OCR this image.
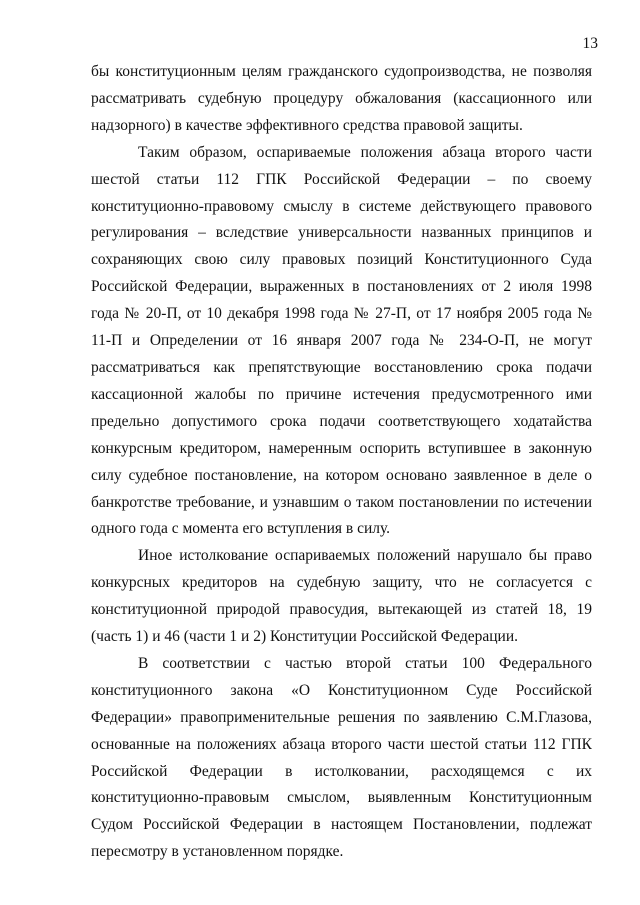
13

бы конституционным целям гражданского судопроизводства, не позволяя рассматривать судебную процедуру обжалования (кассационного или надзорного) в качестве эффективного средства правовой защиты.

Таким образом, оспариваемые положения абзаца второго части шестой статьи 112 ГПК Российской Федерации – по своему конституционно-правовому смыслу в системе действующего правового регулирования – вследствие универсальности названных принципов и сохраняющих свою силу правовых позиций Конституционного Суда Российской Федерации, выраженных в постановлениях от 2 июля 1998 года № 20-П, от 10 декабря 1998 года № 27-П, от 17 ноября 2005 года № 11-П и Определении от 16 января 2007 года № 234-О-П, не могут рассматриваться как препятствующие восстановлению срока подачи кассационной жалобы по причине истечения предусмотренного ими предельно допустимого срока подачи соответствующего ходатайства конкурсным кредитором, намеренным оспорить вступившее в законную силу судебное постановление, на котором основано заявленное в деле о банкротстве требование, и узнавшим о таком постановлении по истечении одного года с момента его вступления в силу.

Иное истолкование оспариваемых положений нарушало бы право конкурсных кредиторов на судебную защиту, что не согласуется с конституционной природой правосудия, вытекающей из статей 18, 19 (часть 1) и 46 (части 1 и 2) Конституции Российской Федерации.

В соответствии с частью второй статьи 100 Федерального конституционного закона «О Конституционном Суде Российской Федерации» правоприменительные решения по заявлению С.М.Глазова, основанные на положениях абзаца второго части шестой статьи 112 ГПК Российской Федерации в истолковании, расходящемся с их конституционно-правовым смыслом, выявленным Конституционным Судом Российской Федерации в настоящем Постановлении, подлежат пересмотру в установленном порядке.
